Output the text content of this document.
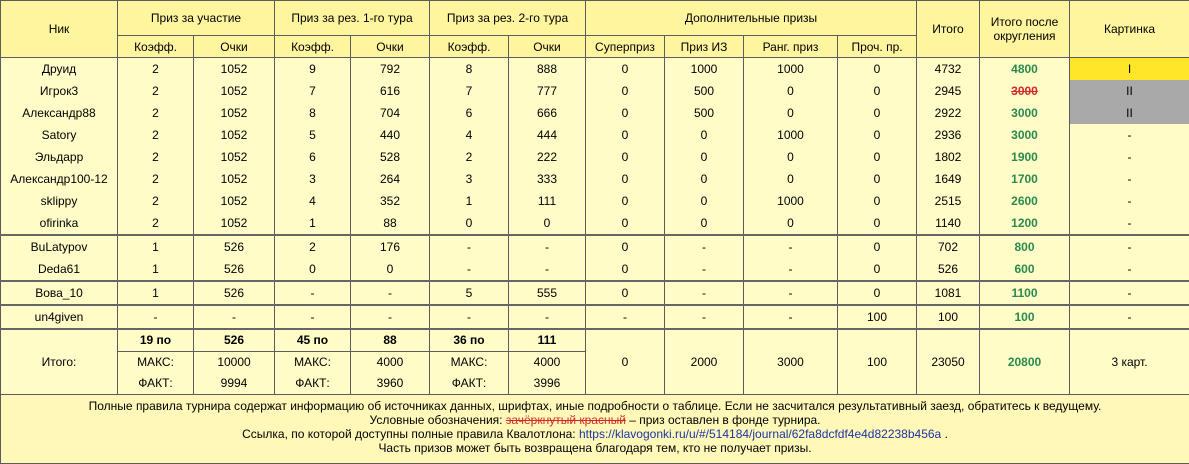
Ник	Приз за участие		Приз за рез. 1-го тура		Приз за рез. 2-го тура		Дополнительные призы				Итого	Итого после округления	Картинка
	Коэфф.	Очки	Коэфф.	Очки	Коэфф.	Очки	Суперприз	Приз ИЗ	Ранг. приз	Проч. пр.			
Друид	2	1052	9	792	8	888	0	1000	1000	0	4732	4800	I
Игрок3	2	1052	7	616	7	777	0	500	0	0	2945	3000	II
Александр88	2	1052	8	704	6	666	0	500	0	0	2922	3000	II
Satory	2	1052	5	440	4	444	0	0	1000	0	2936	3000	-
Эльдарр	2	1052	6	528	2	222	0	0	0	0	1802	1900	-
Александр100-12	2	1052	3	264	3	333	0	0	0	0	1649	1700	-
sklippy	2	1052	4	352	1	111	0	0	1000	0	2515	2600	-
ofirinka	2	1052	1	88	0	0	0	0	0	0	1140	1200	-
BuLatypov	1	526	2	176	-	-	0	-	-	0	702	800	-
Deda61	1	526	0	0	-	-	0	-	-	0	526	600	-
Вова_10	1	526	-	-	5	555	0	-	-	0	1081	1100	-
un4given	-	-	-	-	-	-	-	-	-	100	100	100	-
Итого:	19 по	526	45 по	88	36 по	111	0	2000	3000	100	23050	20800	3 карт.
	МАКС:	10000	МАКС:	4000	МАКС:	4000							
	ФАКТ:	9994	ФАКТ:	3960	ФАКТ:	3996							

Полные правила турнира содержат информацию об источниках данных, шрифтах, иные подробности о таблице. Если не засчитался результативный заезд, обратитесь к ведущему.
Условные обозначения: зачёркнутый красный – приз оставлен в фонде турнира.
Ссылка, по которой доступны полные правила Квалотлона: https://klavogonki.ru/u/#/514184/journal/62fa8dcfdf4e4d82238b456a .
Часть призов может быть возвращена благодаря тем, кто не получает призы.													
